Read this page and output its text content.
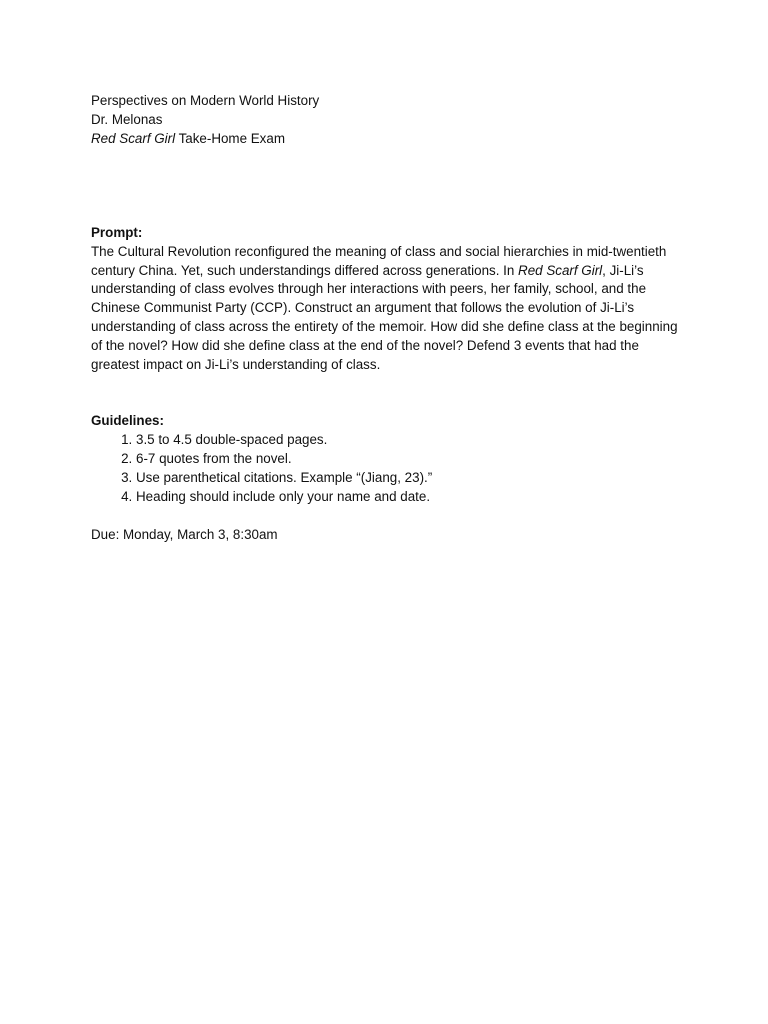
Perspectives on Modern World History

Dr. Melonas

Red Scarf Girl Take-Home Exam

Prompt:

The Cultural Revolution reconfigured the meaning of class and social hierarchies in mid-twentieth century China. Yet, such understandings differed across generations. In Red Scarf Girl, Ji-Li’s understanding of class evolves through her interactions with peers, her family, school, and the Chinese Communist Party (CCP). Construct an argument that follows the evolution of Ji-Li’s understanding of class across the entirety of the memoir. How did she define class at the beginning of the novel? How did she define class at the end of the novel? Defend 3 events that had the greatest impact on Ji-Li’s understanding of class.

Guidelines:

1. 3.5 to 4.5 double-spaced pages.
2. 6-7 quotes from the novel.
3. Use parenthetical citations. Example “(Jiang, 23).”
4. Heading should include only your name and date.

Due: Monday, March 3, 8:30am
